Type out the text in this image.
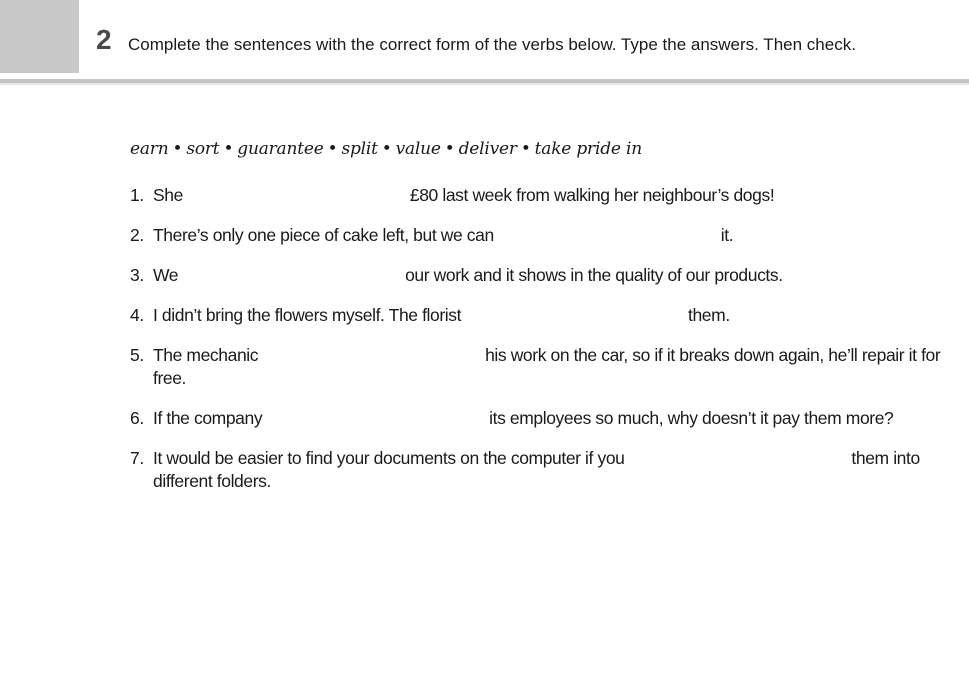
2 Complete the sentences with the correct form of the verbs below. Type the answers. Then check.
earn • sort • guarantee • split • value • deliver • take pride in
1. She	£80 last week from walking her neighbour’s dogs!
2. There’s only one piece of cake left, but we can	it.
3. We	our work and it shows in the quality of our products.
4. I didn’t bring the flowers myself. The florist	them.
5. The mechanic	his work on the car, so if it breaks down again, he’ll repair it for free.
6. If the company	its employees so much, why doesn’t it pay them more?
7. It would be easier to find your documents on the computer if you	them into different folders.
